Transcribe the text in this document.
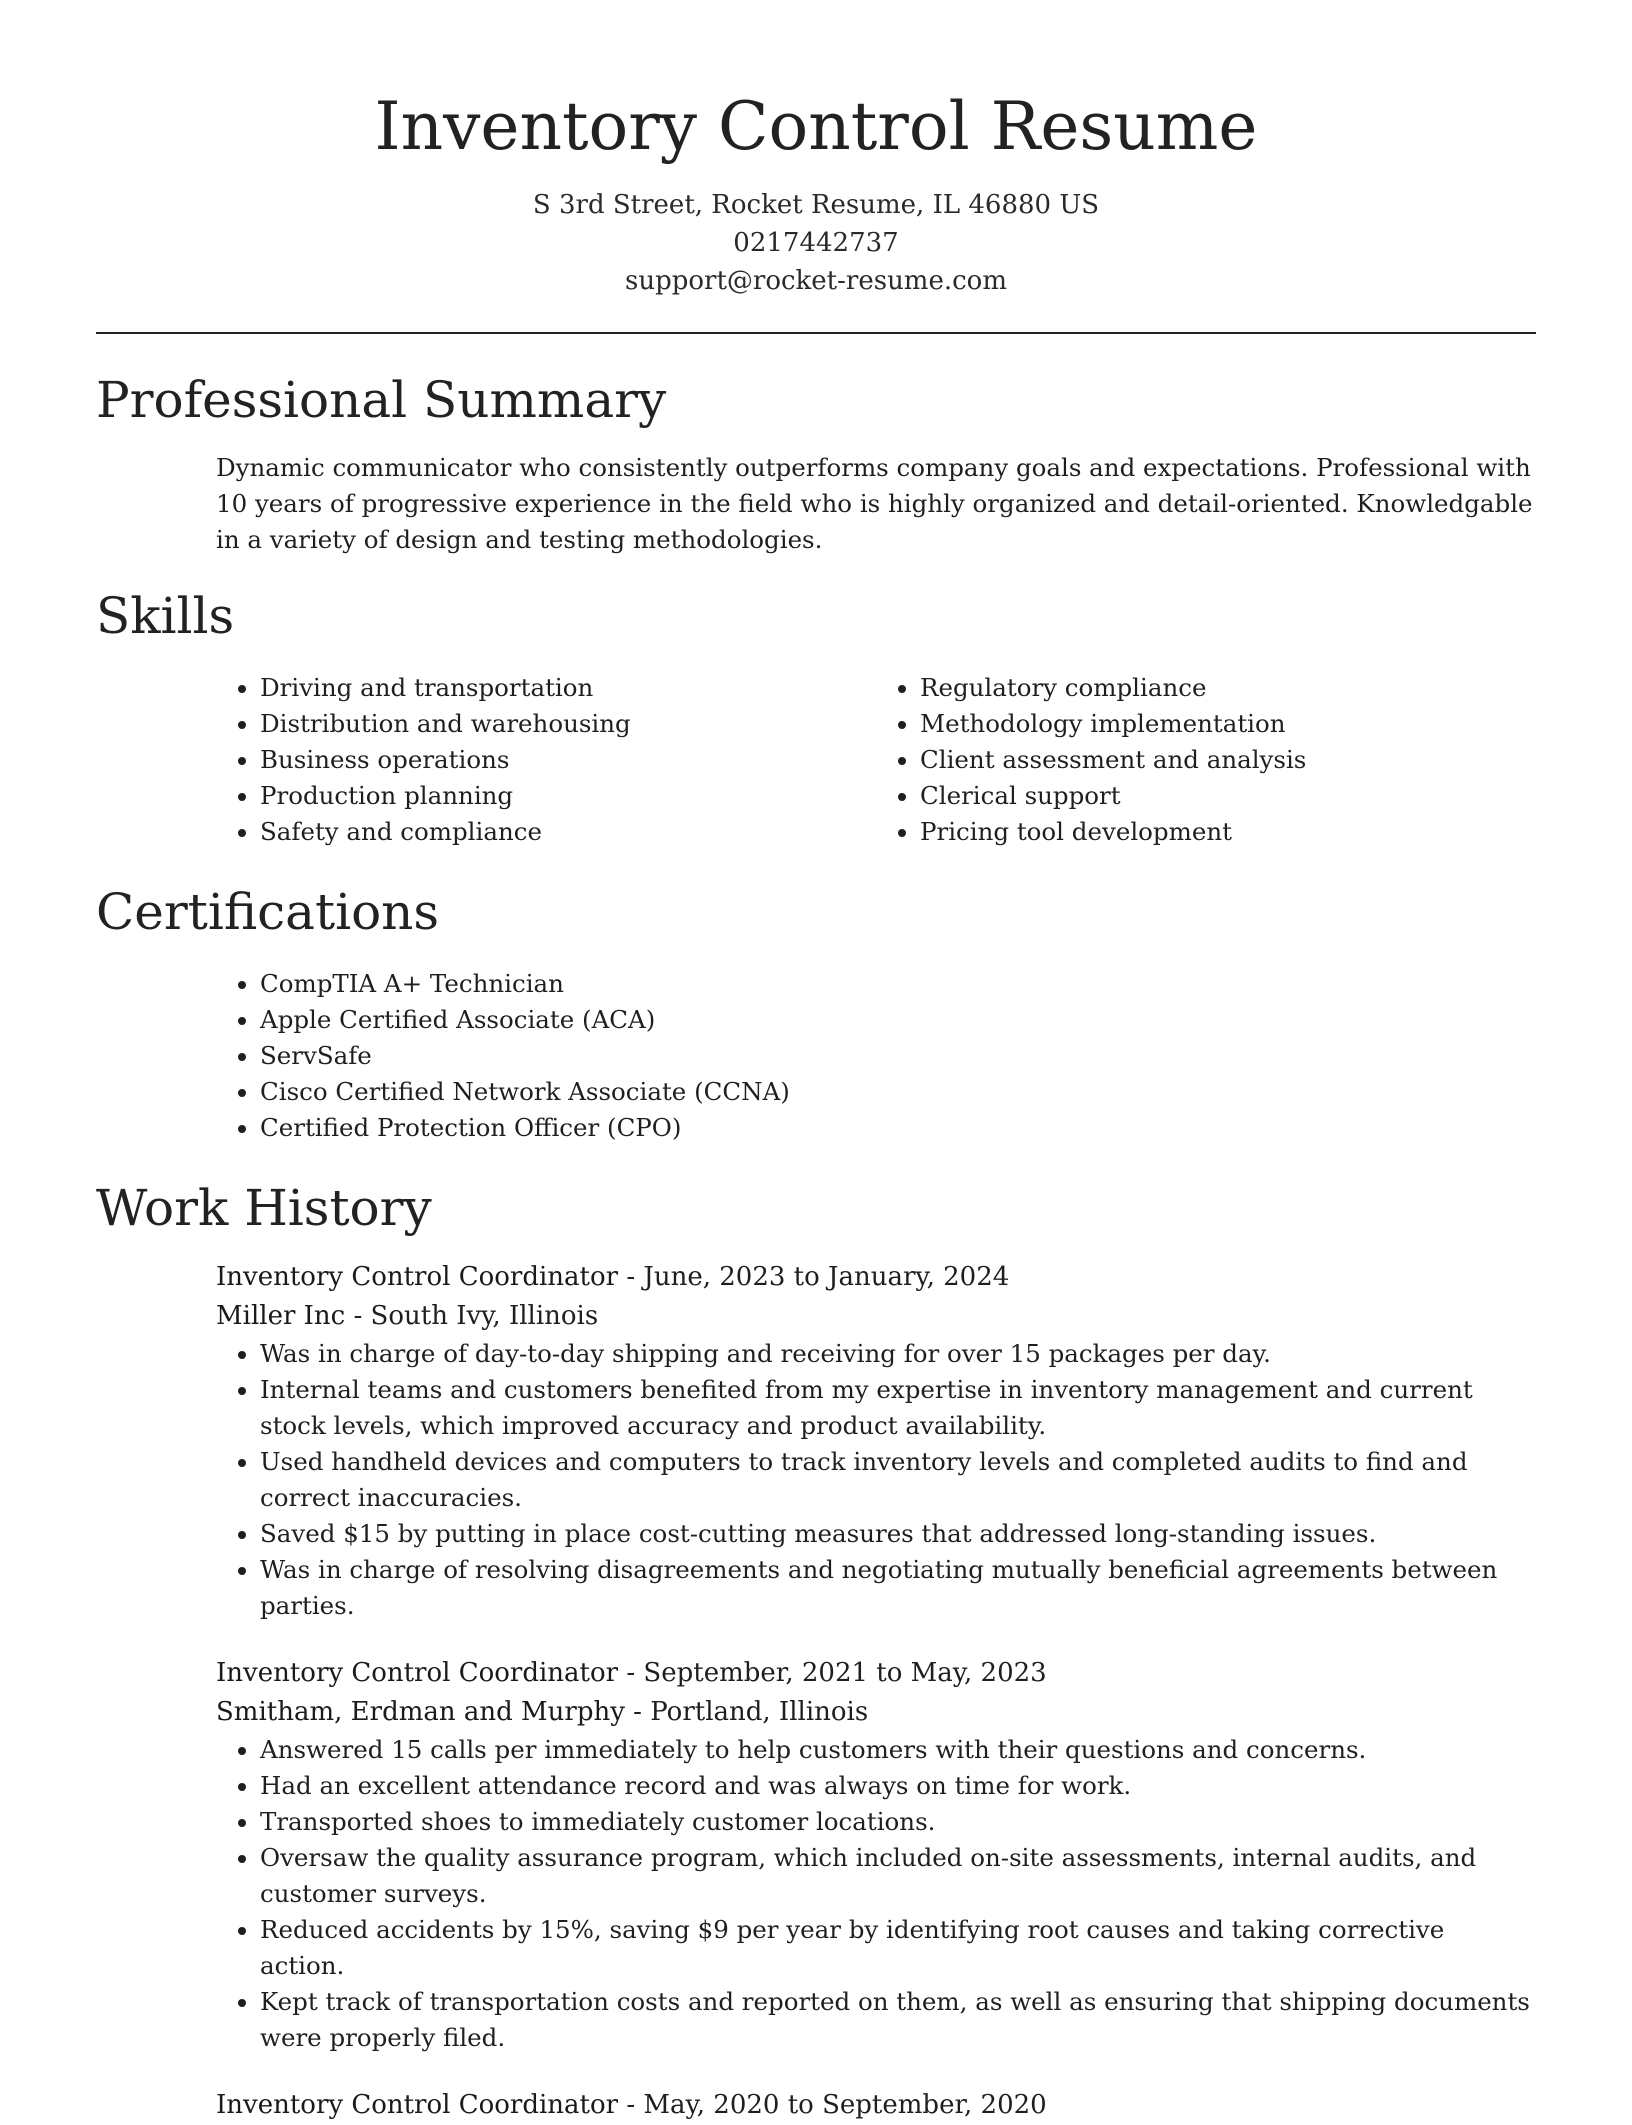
Inventory Control Resume
S 3rd Street, Rocket Resume, IL 46880 US
0217442737
support@rocket-resume.com
Professional Summary

Dynamic communicator who consistently outperforms company goals and expectations. Professional with 10 years of progressive experience in the field who is highly organized and detail-oriented. Knowledgable in a variety of design and testing methodologies.

Skills
• Driving and transportation
• Distribution and warehousing
• Business operations
• Production planning
• Safety and compliance
• Regulatory compliance
• Methodology implementation
• Client assessment and analysis
• Clerical support
• Pricing tool development
Certifications
• CompTIA A+ Technician
• Apple Certified Associate (ACA)
• ServSafe
• Cisco Certified Network Associate (CCNA)
• Certified Protection Officer (CPO)
Work History
Inventory Control Coordinator - June, 2023 to January, 2024
Miller Inc - South Ivy, Illinois
• Was in charge of day-to-day shipping and receiving for over 15 packages per day.
• Internal teams and customers benefited from my expertise in inventory management and current stock levels, which improved accuracy and product availability.
• Used handheld devices and computers to track inventory levels and completed audits to find and correct inaccuracies.
• Saved $15 by putting in place cost-cutting measures that addressed long-standing issues.
• Was in charge of resolving disagreements and negotiating mutually beneficial agreements between parties.
Inventory Control Coordinator - September, 2021 to May, 2023
Smitham, Erdman and Murphy - Portland, Illinois
• Answered 15 calls per immediately to help customers with their questions and concerns.
• Had an excellent attendance record and was always on time for work.
• Transported shoes to immediately customer locations.
• Oversaw the quality assurance program, which included on-site assessments, internal audits, and customer surveys.
• Reduced accidents by 15%, saving $9 per year by identifying root causes and taking corrective action.
• Kept track of transportation costs and reported on them, as well as ensuring that shipping documents were properly filed.
Inventory Control Coordinator - May, 2020 to September, 2020
